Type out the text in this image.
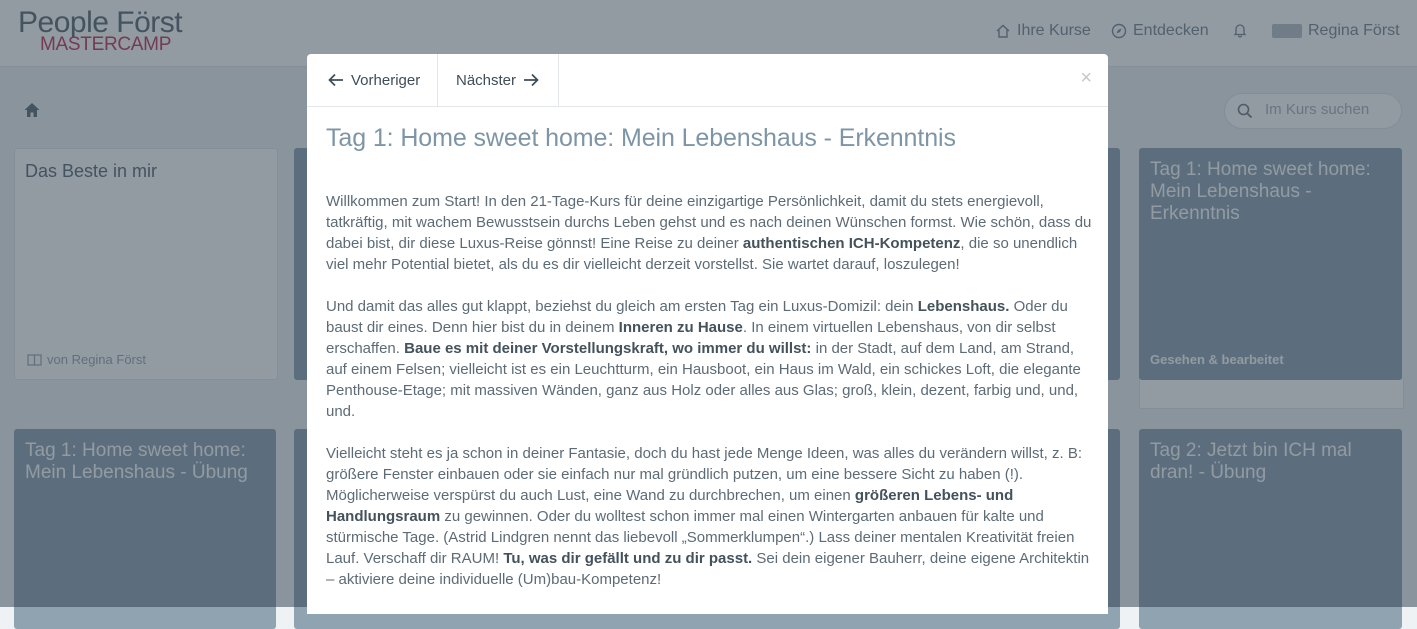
Im Kurs suchen
Vorheriger Nächster	×
Tag 1: Home sweet home: Mein Lebenshaus - Erkenntnis

Willkommen zum Start! In den 21-Tage-Kurs für deine einzigartige Persönlichkeit, damit du stets energievoll, tatkräftig, mit wachem Bewusstsein durchs Leben gehst und es nach deinen Wünschen formst. Wie schön, dass du dabei bist, dir diese Luxus-Reise gönnst! Eine Reise zu deiner authentischen ICH-Kompetenz, die so unendlich viel mehr Potential bietet, als du es dir vielleicht derzeit vorstellst. Sie wartet darauf, loszulegen!

Und damit das alles gut klappt, beziehst du gleich am ersten Tag ein Luxus-Domizil: dein Lebenshaus. Oder du baust dir eines. Denn hier bist du in deinem Inneren zu Hause. In einem virtuellen Lebenshaus, von dir selbst erschaffen. Baue es mit deiner Vorstellungskraft, wo immer du willst: in der Stadt, auf dem Land, am Strand, auf einem Felsen; vielleicht ist es ein Leuchtturm, ein Hausboot, ein Haus im Wald, ein schickes Loft, die elegante Penthouse-Etage; mit massiven Wänden, ganz aus Holz oder alles aus Glas; groß, klein, dezent, farbig und, und, und.

Vielleicht steht es ja schon in deiner Fantasie, doch du hast jede Menge Ideen, was alles du verändern willst, z. B: größere Fenster einbauen oder sie einfach nur mal gründlich putzen, um eine bessere Sicht zu haben (!). Möglicherweise verspürst du auch Lust, eine Wand zu durchbrechen, um einen größeren Lebens- und Handlungsraum zu gewinnen. Oder du wolltest schon immer mal einen Wintergarten anbauen für kalte und stürmische Tage. (Astrid Lindgren nennt das liebevoll „Sommerklumpen“.) Lass deiner mentalen Kreativität freien Lauf. Verschaff dir RAUM! Tu, was dir gefällt und zu dir passt. Sei dein eigener Bauherr, deine eigene Architektin – aktiviere deine individuelle (Um)bau-Kompetenz!
